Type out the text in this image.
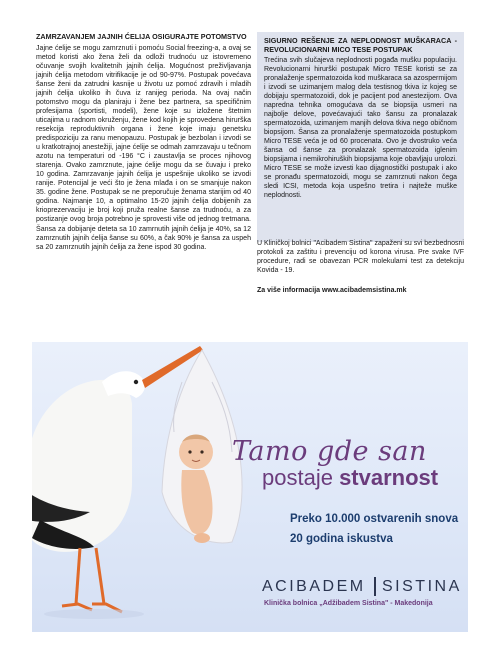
ZAMRZAVANJEM JAJNIH ĆELIJA OSIGURAJTE POTOMSTVO
Jajne ćelije se mogu zamrznuti i pomoću Social freezing-a, a ovaj se metod koristi ako žena želi da odloži trudnoću uz istovremeno očuvanje svojih kvalitetnih jajnih ćelija. Mogućnost preživljavanja jajnih ćelija metodom vitrifikacije je od 90-97%. Postupak povećava šanse ženi da zatrudni kasnije u životu uz pomoć zdravih i mladih jajnih ćelija ukoliko ih čuva iz ranijeg perioda. Na ovaj način potomstvo mogu da planiraju i žene bez partnera, sa specifičnim profesijama (sportisti, modeli), žene koje su izložene štetnim uticajima u radnom okruženju, žene kod kojih je sprovedena hirurška resekcija reproduktivnih organa i žene koje imaju genetsku predispoziciju za ranu menopauzu. Postupak je bezbolan i izvodi se u kratkotrajnoj anestežiji, jajne ćelije se odmah zamrzavaju u tečnom azotu na temperaturi od -196 °C i zaustavlja se proces njihovog starenja. Ovako zamrznute, jajne ćelije mogu da se čuvaju i preko 10 godina. Zamrzavanje jajnih ćelija je uspešnije ukoliko se izvodi ranije. Potencijal je veći što je žena mlađa i on se smanjuje nakon 35. godine žene. Postupak se ne preporučuje ženama starijim od 40 godina. Najmanje 10, a optimalno 15-20 jajnih ćelija dobijenih za krioprezervaciju je broj koji pruža realne šanse za trudnoću, a za postizanje ovog broja potrebno je sprovesti više od jednog tretmana. Šansa za dobijanje deteta sa 10 zamrnutih jajnih ćelija je 40%, sa 12 zamrznutih jajnih ćelija šanse su 60%, a čak 90% je šansa za uspeh sa 20 zamrznutih jajnih ćelija za žene ispod 30 godina.
SIGURNO REŠENJE ZA NEPLODNOST MUŠKARACA - REVOLUCIONARNI MICO TESE POSTUPAK
Trećina svih slučajeva neplodnosti pogađa mušku populaciju. Revolucionarni hirurški postupak Micro TESE koristi se za pronalaženje spermatozoida kod muškaraca sa azospermijom i izvodi se uzimanjem malog dela testisnog tkiva iz kojeg se dobijaju spermatozoidi, dok je pacijent pod anestezijom. Ova napredna tehnika omogućava da se biopsija usmeri na najbolje delove, povećavajući tako šansu za pronalazak spermatozoida, uzimanjem manjih delova tkiva nego običnom biopsijom. Šansa za pronalaženje spermatozoida postupkom Micro TESE veća je od 60 procenata. Ovo je dvostruko veća šansa od šanse za pronalazak spermatozoida iglenim biopsijama i nemikrohiruških biopsijama koje obavljaju urolozi. Micro TESE se može izvesti kao dijagnostički postupak i ako se pronađu spermatozoidi, mogu se zamrznuti nakon čega sledi ICSI, metoda koja uspešno tretira i najteže muške neplodnosti.
U Kliničkoj bolnici "Acibadem Sistina" zapaženi su svi bezbednosni protokoli za zaštitu i prevenciju od korona virusa. Pre svake IVF procedure, radi se obavezan PCR molekularni test za detekciju Kovida - 19.
Za više informacija www.acibademsistina.mk
Tamo gde san
postaje stvarnost
Preko 10.000 ostvarenih snova
20 godina iskustva
ACIBADEM SISTINA
Klinička bolnica „Adžibadem Sistina" - Makedonija
